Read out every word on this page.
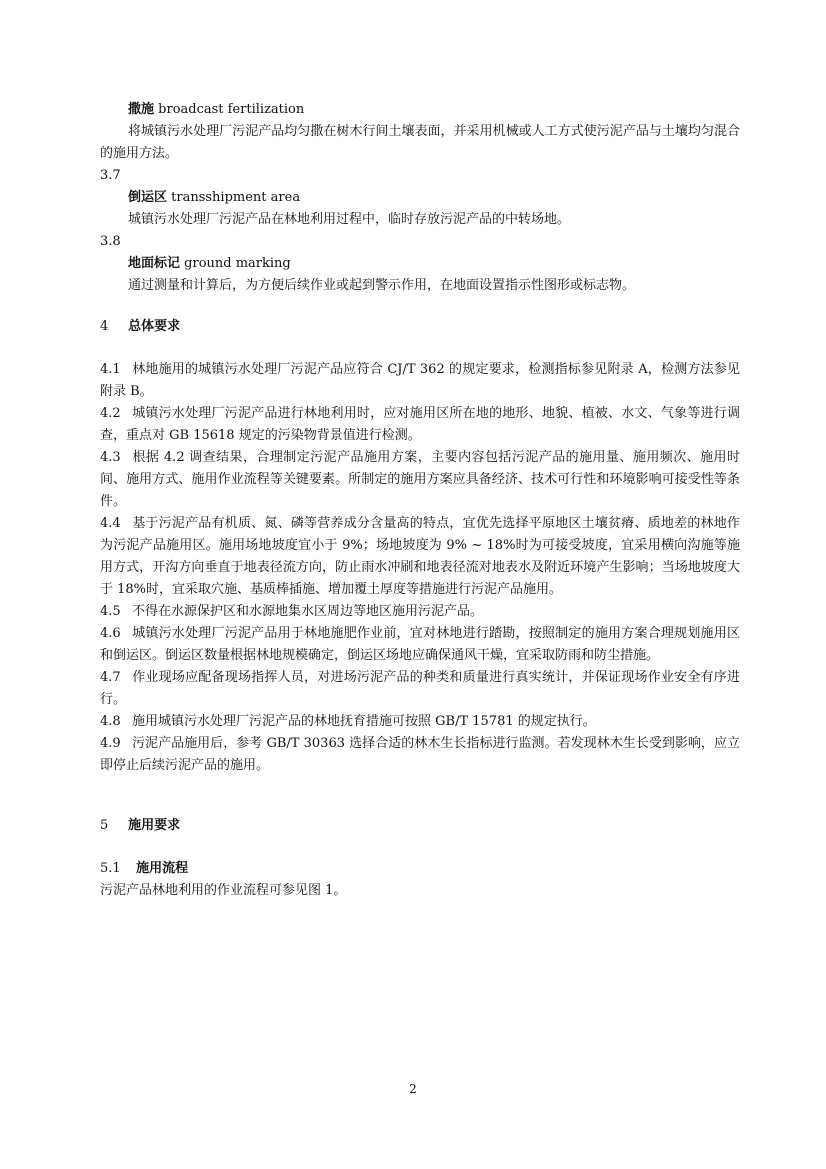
撒施 broadcast fertilization

将城镇污水处理厂污泥产品均匀撒在树木行间土壤表面，并采用机械或人工方式使污泥产品与土壤均匀混合的施用方法。

3.7
倒运区 transshipment area

城镇污水处理厂污泥产品在林地利用过程中，临时存放污泥产品的中转场地。

3.8
地面标记 ground marking

通过测量和计算后，为方便后续作业或起到警示作用，在地面设置指示性图形或标志物。

4 总体要求

4.1 林地施用的城镇污水处理厂污泥产品应符合 CJ/T 362 的规定要求，检测指标参见附录 A，检测方法参见附录 B。

4.2 城镇污水处理厂污泥产品进行林地利用时，应对施用区所在地的地形、地貌、植被、水文、气象等进行调查，重点对 GB 15618 规定的污染物背景值进行检测。

4.3 根据 4.2 调查结果，合理制定污泥产品施用方案，主要内容包括污泥产品的施用量、施用频次、施用时间、施用方式、施用作业流程等关键要素。所制定的施用方案应具备经济、技术可行性和环境影响可接受性等条件。

4.4 基于污泥产品有机质、氮、磷等营养成分含量高的特点，宜优先选择平原地区土壤贫瘠、质地差的林地作为污泥产品施用区。施用场地坡度宜小于 9%；场地坡度为 9% ~ 18%时为可接受坡度，宜采用横向沟施等施用方式，开沟方向垂直于地表径流方向，防止雨水冲刷和地表径流对地表水及附近环境产生影响；当场地坡度大于 18%时，宜采取穴施、基质棒插施、增加覆土厚度等措施进行污泥产品施用。

4.5 不得在水源保护区和水源地集水区周边等地区施用污泥产品。

4.6 城镇污水处理厂污泥产品用于林地施肥作业前，宜对林地进行踏勘，按照制定的施用方案合理规划施用区和倒运区。倒运区数量根据林地规模确定，倒运区场地应确保通风干燥，宜采取防雨和防尘措施。

4.7 作业现场应配备现场指挥人员，对进场污泥产品的种类和质量进行真实统计，并保证现场作业安全有序进行。

4.8 施用城镇污水处理厂污泥产品的林地抚育措施可按照 GB/T 15781 的规定执行。

4.9 污泥产品施用后，参考 GB/T 30363 选择合适的林木生长指标进行监测。若发现林木生长受到影响，应立即停止后续污泥产品的施用。

5 施用要求
5.1 施用流程

污泥产品林地利用的作业流程可参见图 1。

2
